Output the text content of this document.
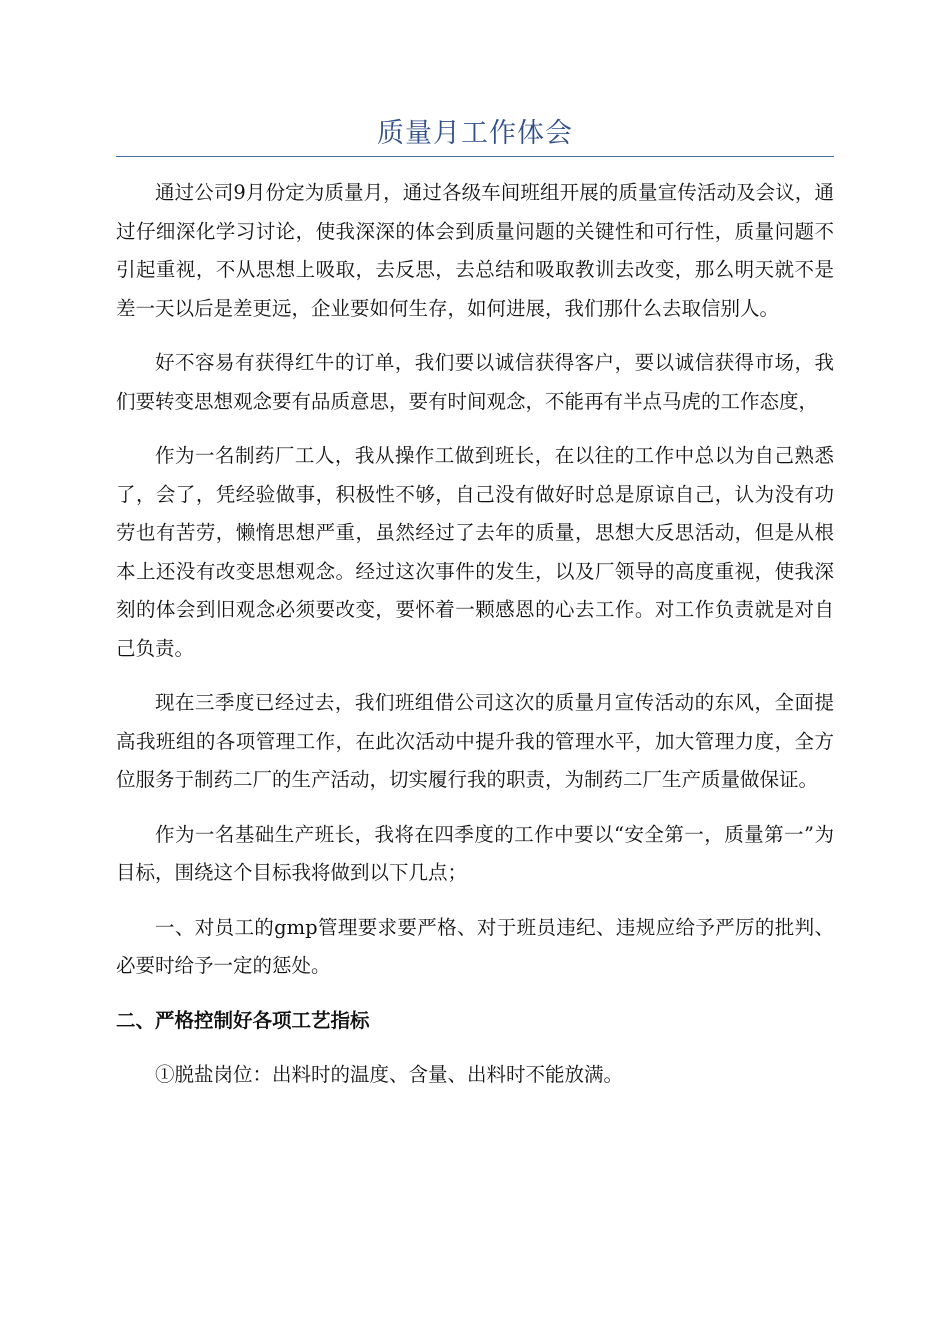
质量月工作体会

通过公司9月份定为质量月，通过各级车间班组开展的质量宣传活动及会议，通过仔细深化学习讨论，使我深深的体会到质量问题的关键性和可行性，质量问题不引起重视，不从思想上吸取，去反思，去总结和吸取教训去改变，那么明天就不是差一天以后是差更远，企业要如何生存，如何进展，我们那什么去取信别人。

好不容易有获得红牛的订单，我们要以诚信获得客户，要以诚信获得市场，我们要转变思想观念要有品质意思，要有时间观念，不能再有半点马虎的工作态度，

作为一名制药厂工人，我从操作工做到班长，在以往的工作中总以为自己熟悉了，会了，凭经验做事，积极性不够，自己没有做好时总是原谅自己，认为没有功劳也有苦劳，懒惰思想严重，虽然经过了去年的质量，思想大反思活动，但是从根本上还没有改变思想观念。经过这次事件的发生，以及厂领导的高度重视，使我深刻的体会到旧观念必须要改变，要怀着一颗感恩的心去工作。对工作负责就是对自己负责。

现在三季度已经过去，我们班组借公司这次的质量月宣传活动的东风，全面提高我班组的各项管理工作，在此次活动中提升我的管理水平，加大管理力度，全方位服务于制药二厂的生产活动，切实履行我的职责，为制药二厂生产质量做保证。

作为一名基础生产班长，我将在四季度的工作中要以“安全第一，质量第一”为目标，围绕这个目标我将做到以下几点；

一、对员工的gmp管理要求要严格、对于班员违纪、违规应给予严厉的批判、必要时给予一定的惩处。

二、严格控制好各项工艺指标

①脱盐岗位：出料时的温度、含量、出料时不能放满。
